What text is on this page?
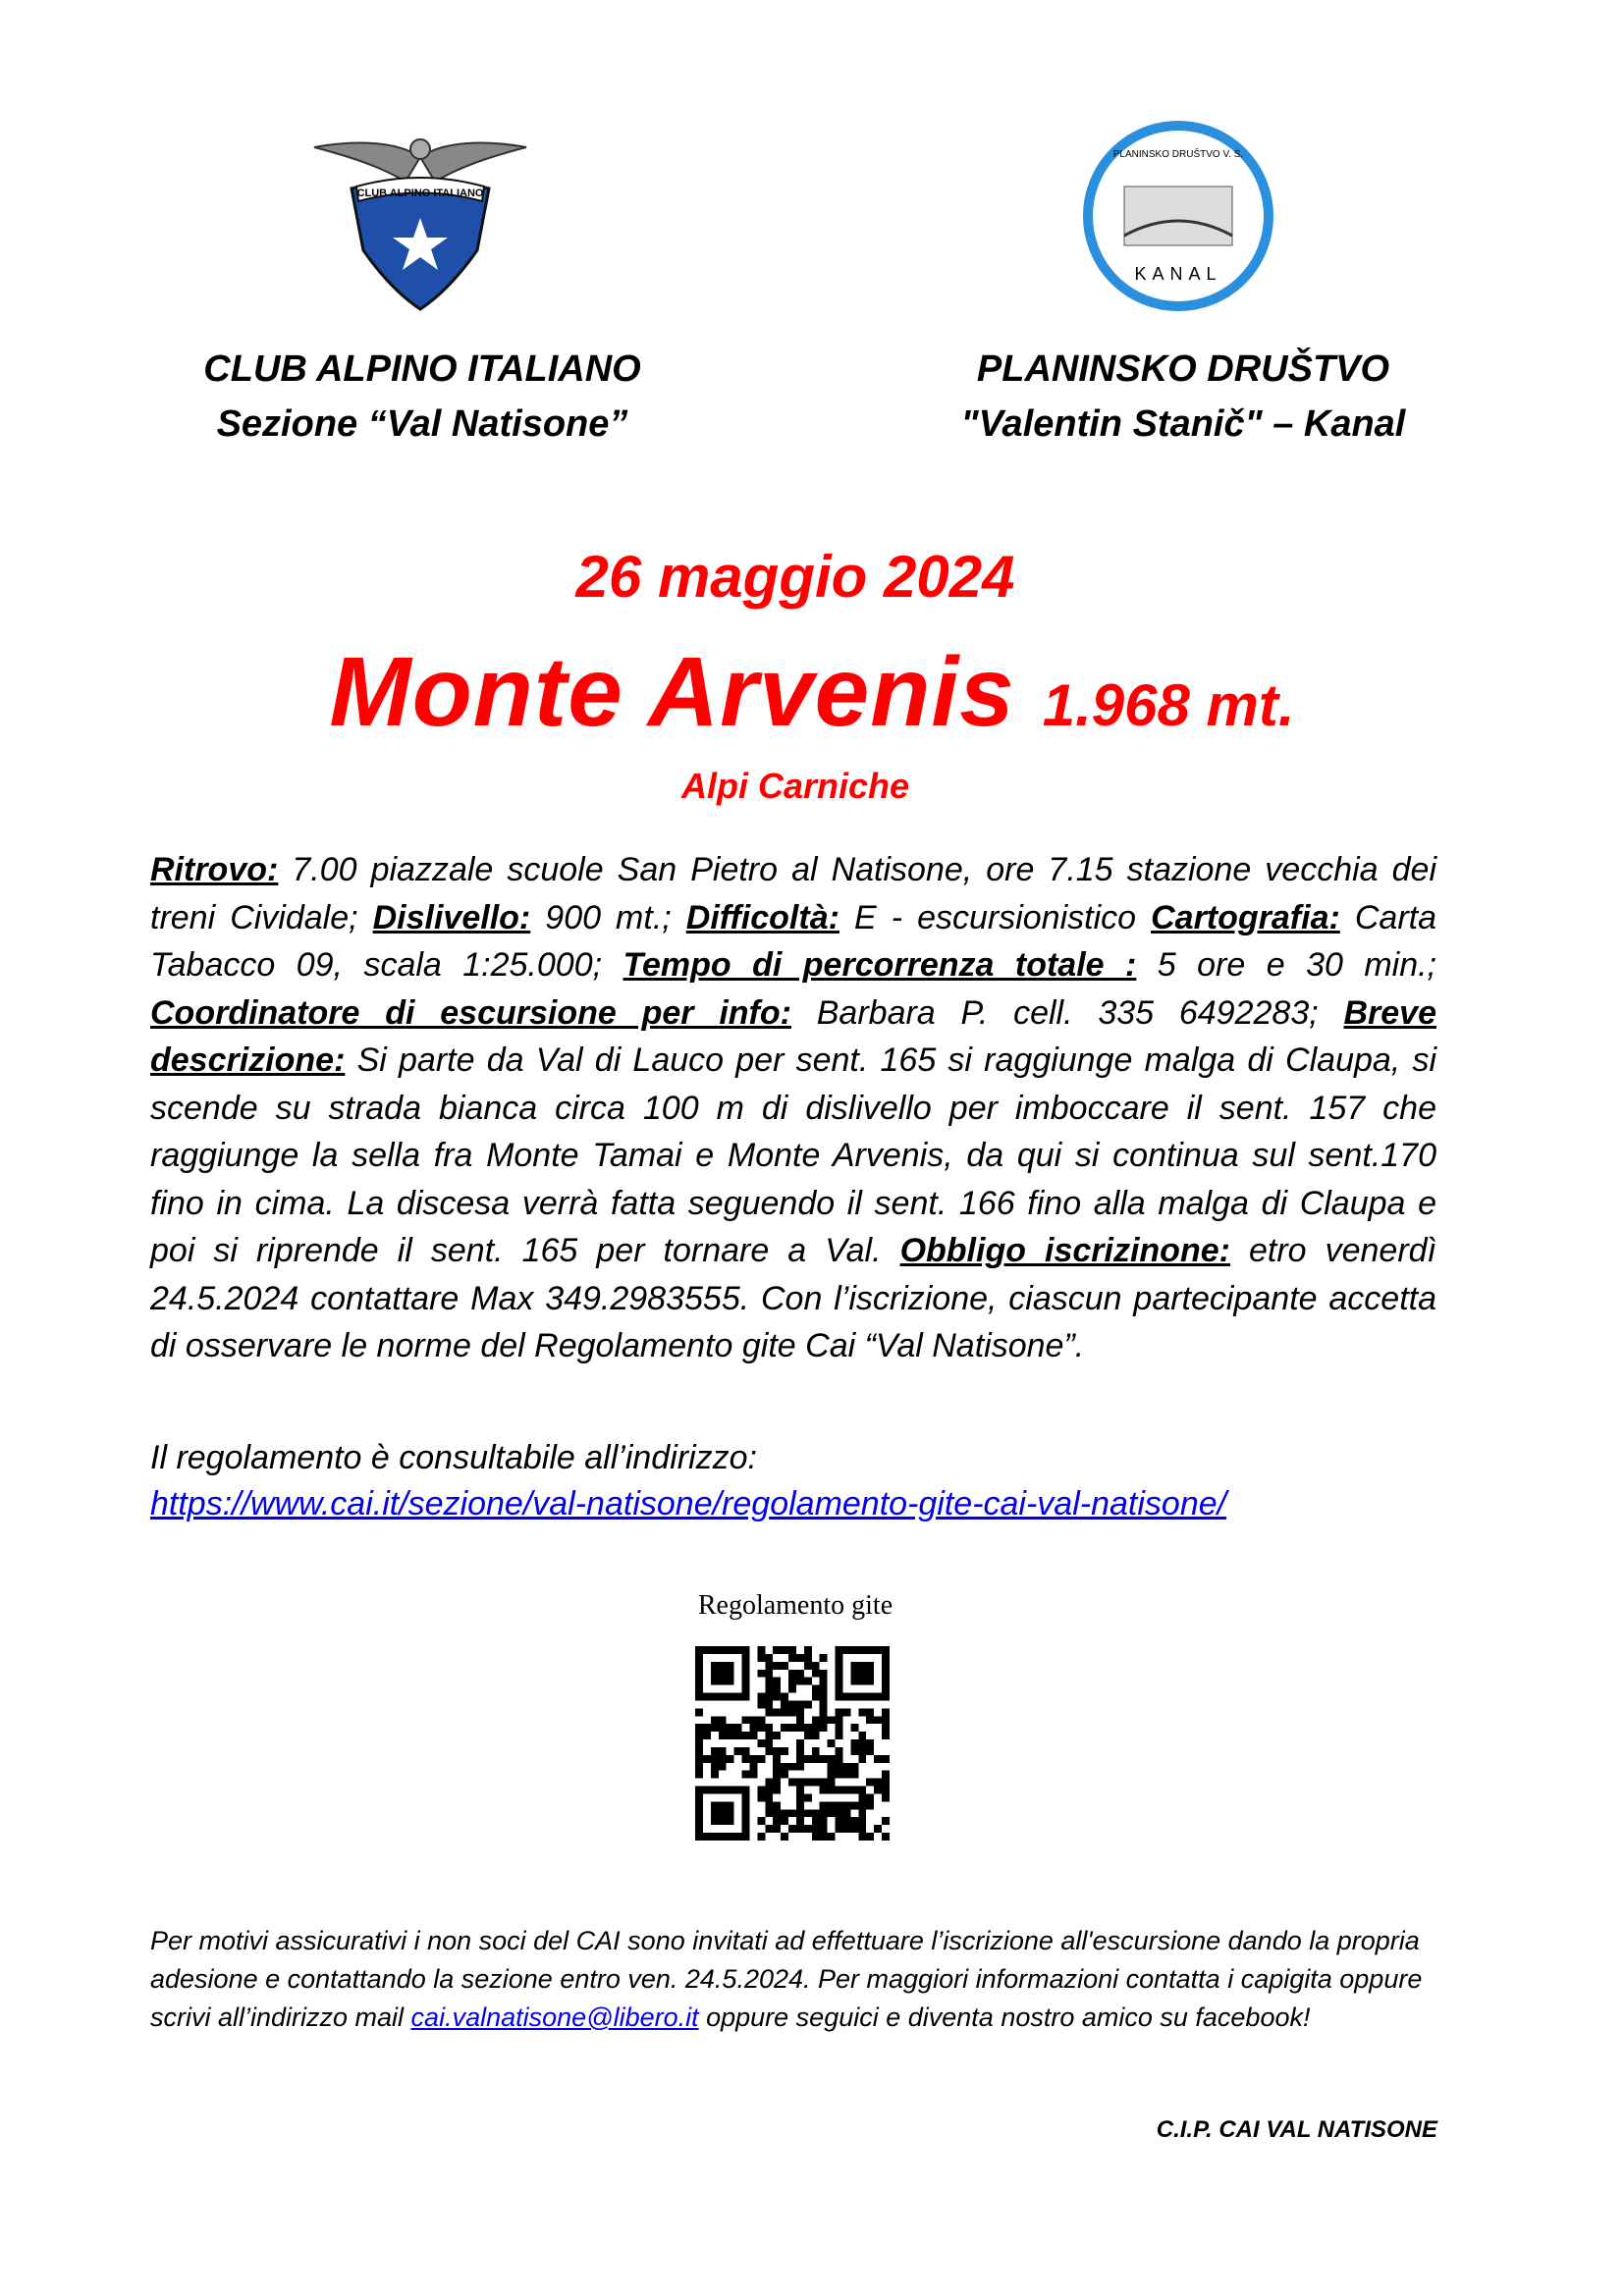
CLUB ALPINO ITALIANO
KANAL
PLANINSKO DRUŠTVO V. S.
CLUB ALPINO ITALIANO
Sezione “Val Natisone”
PLANINSKO DRUŠTVO
"Valentin Stanič" – Kanal
26 maggio 2024
Monte Arvenis 1.968 mt.
Alpi Carniche
Ritrovo: 7.00 piazzale scuole San Pietro al Natisone, ore 7.15 stazione vecchia dei treni Cividale; Dislivello: 900 mt.; Difficoltà: E - escursionistico Cartografia: Carta Tabacco 09, scala 1:25.000; Tempo di percorrenza totale : 5 ore e 30 min.; Coordinatore di escursione per info: Barbara P. cell. 335 6492283; Breve descrizione: Si parte da Val di Lauco per sent. 165 si raggiunge malga di Claupa, si scende su strada bianca circa 100 m di dislivello per imboccare il sent. 157 che raggiunge la sella fra Monte Tamai e Monte Arvenis, da qui si continua sul sent.170 fino in cima. La discesa verrà fatta seguendo il sent. 166 fino alla malga di Claupa e poi si riprende il sent. 165 per tornare a Val. Obbligo iscrizinone: etro venerdì 24.5.2024 contattare Max 349.2983555. Con l’iscrizione, ciascun partecipante accetta di osservare le norme del Regolamento gite Cai “Val Natisone”.
Il regolamento è consultabile all’indirizzo:
https://www.cai.it/sezione/val-natisone/regolamento-gite-cai-val-natisone/
Regolamento gite
Per motivi assicurativi i non soci del CAI sono invitati ad effettuare l’iscrizione all'escursione dando la propria adesione e contattando la sezione entro ven. 24.5.2024. Per maggiori informazioni contatta i capigita oppure scrivi all’indirizzo mail cai.valnatisone@libero.it oppure seguici e diventa nostro amico su facebook!
C.I.P. CAI VAL NATISONE
